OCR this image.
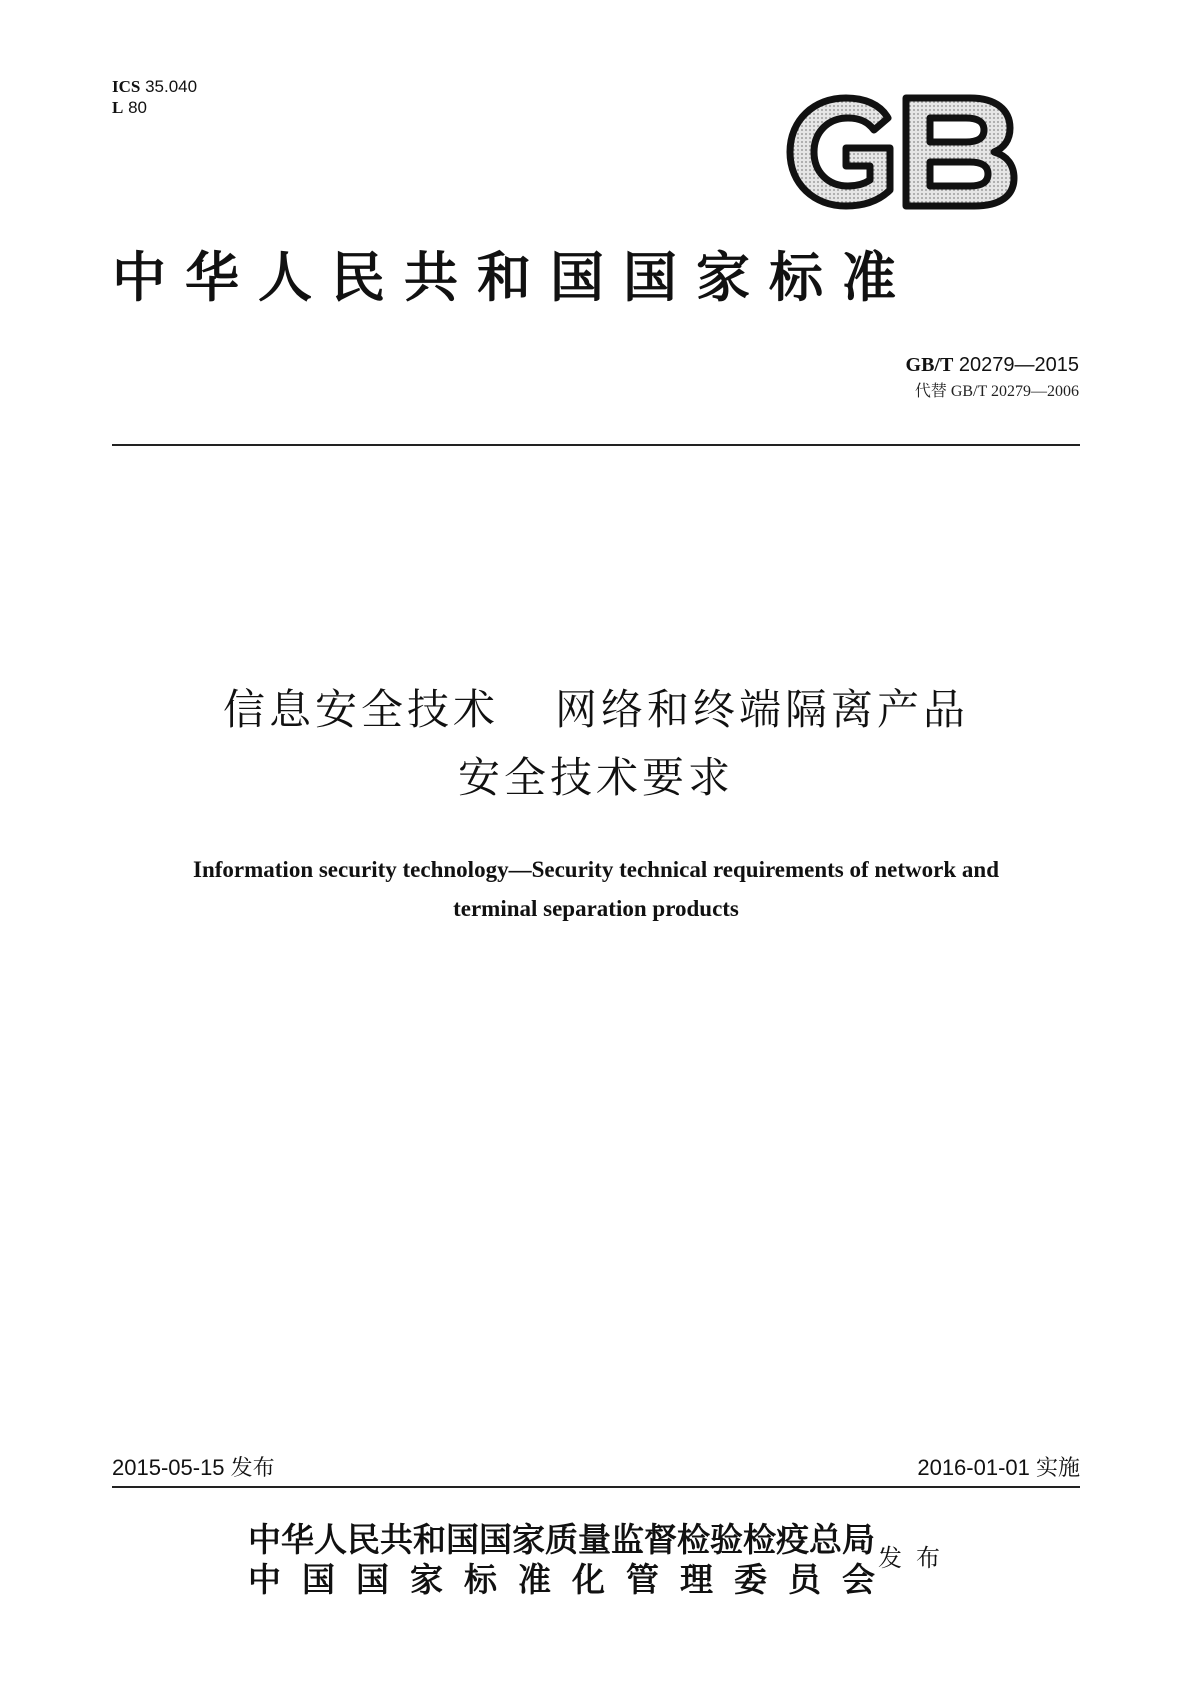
ICS 35.040
L 80
中华人民共和国国家标准
GB/T 20279—2015
代替 GB/T 20279—2006
信息安全技术 网络和终端隔离产品
安全技术要求
Information security technology—Security technical requirements of network and
terminal separation products
2015-05-15 发布	2016-01-01 实施
中华人民共和国国家质量监督检验检疫总局
中国国家标准化管理委员会
发布
